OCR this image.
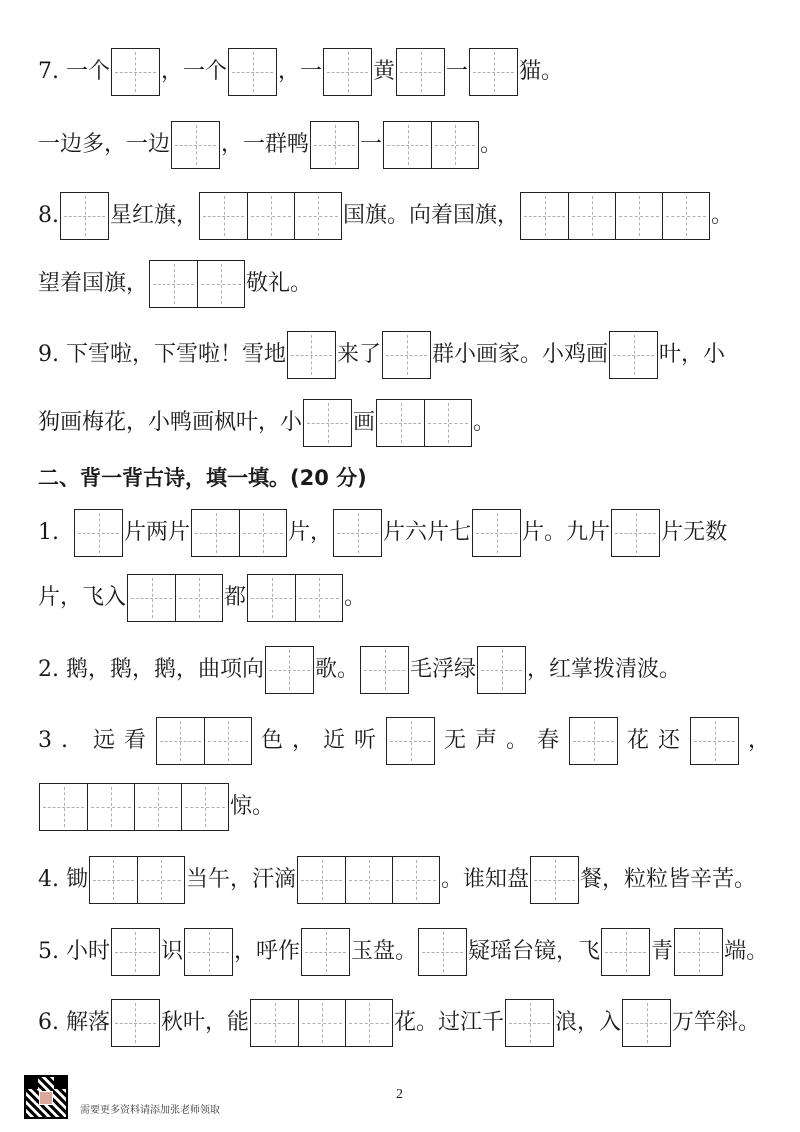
7. 一个 ，一个 ，一 黄 一 猫。
一边多，一边 ，一群鸭 一	。
8. 星红旗，	国旗。向着国旗，	。
望着国旗，	敬礼。
9. 下雪啦，下雪啦！雪地 来了 群小画家。小鸡画 叶，小
狗画梅花，小鸭画枫叶，小 画	。
二、背一背古诗，填一填。(20 分)
1.	片两片	片， 片六片七 片。九片 片无数
片，飞入	都	。
2. 鹅，鹅，鹅，曲项向 歌。 毛浮绿 ，红掌拨清波。
3. 远看	色，近听	无声。春	花还	，
惊。
4. 锄	当午，汗滴	。谁知盘 餐，粒粒皆辛苦。
5. 小时 识 ，呼作 玉盘。 疑瑶台镜，飞 青 端。
6. 解落 秋叶，能	花。过江千 浪，入 万竿斜。
需要更多资料请添加张老师领取
2
